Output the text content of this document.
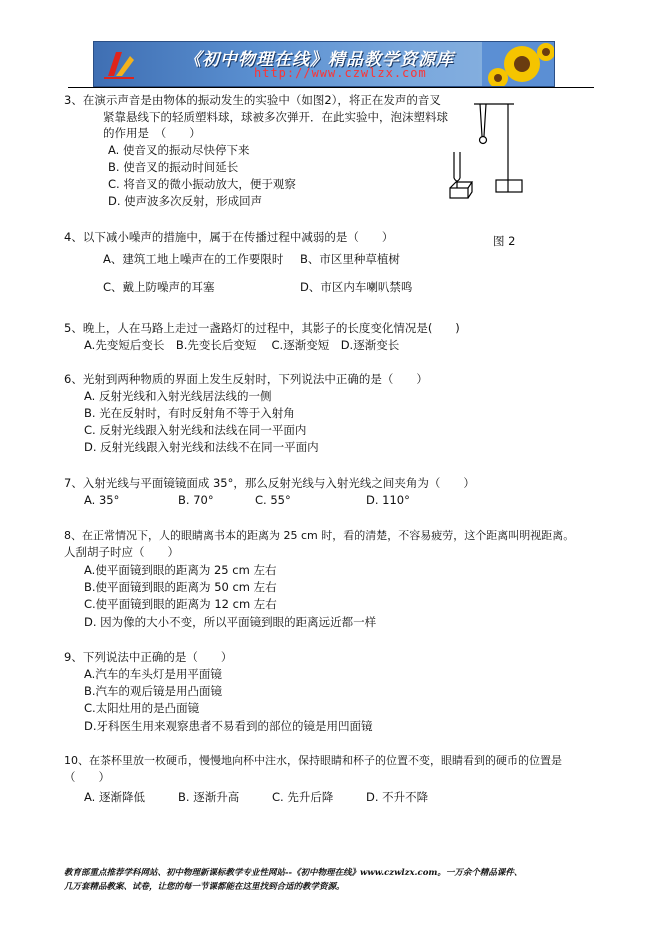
《初中物理在线》精品教学资源库
http://www.czwlzx.com
图 2
3、在演示声音是由物体的振动发生的实验中（如图2），将正在发声的音叉
紧靠悬线下的轻质塑料球，球被多次弹开．在此实验中，泡沫塑料球
的作用是　（　　）
A. 使音叉的振动尽快停下来
B. 使音叉的振动时间延长
C. 将音叉的微小振动放大，便于观察
D. 使声波多次反射，形成回声
4、以下减小噪声的措施中，属于在传播过程中减弱的是（　　）
A、建筑工地上噪声在的工作要限时 B、市区里种草植树
C、戴上防噪声的耳塞	D、市区内车喇叭禁鸣
5、晚上，人在马路上走过一盏路灯的过程中，其影子的长度变化情况是(　　)
A.先变短后变长　B.先变长后变短　 C.逐渐变短　D.逐渐变长
6、光射到两种物质的界面上发生反射时，下列说法中正确的是（　　）
A. 反射光线和入射光线居法线的一侧
B. 光在反射时，有时反射角不等于入射角
C. 反射光线跟入射光线和法线在同一平面内
D. 反射光线跟入射光线和法线不在同一平面内
7、入射光线与平面镜镜面成 35°，那么反射光线与入射光线之间夹角为（　　）
A. 35°	B. 70°	C. 55°	D. 110°
8、在正常情况下，人的眼睛离书本的距离为 25 cm 时，看的清楚，不容易疲劳，这个距离叫明视距离。
人刮胡子时应（　　）
A.使平面镜到眼的距离为 25 cm 左右
B.使平面镜到眼的距离为 50 cm 左右
C.使平面镜到眼的距离为 12 cm 左右
D. 因为像的大小不变，所以平面镜到眼的距离远近都一样
9、下列说法中正确的是（　　）
A.汽车的车头灯是用平面镜
B.汽车的观后镜是用凸面镜
C.太阳灶用的是凸面镜
D.牙科医生用来观察患者不易看到的部位的镜是用凹面镜
10、在茶杯里放一枚硬币，慢慢地向杯中注水，保持眼睛和杯子的位置不变，眼睛看到的硬币的位置是
（　　）
A. 逐渐降低	B. 逐渐升高	C. 先升后降	D. 不升不降
教育部重点推荐学科网站、初中物理新课标教学专业性网站--《初中物理在线》www.czwlzx.com。一万余个精品课件、
几万套精品教案、试卷，让您的每一节课都能在这里找到合适的教学资源。
